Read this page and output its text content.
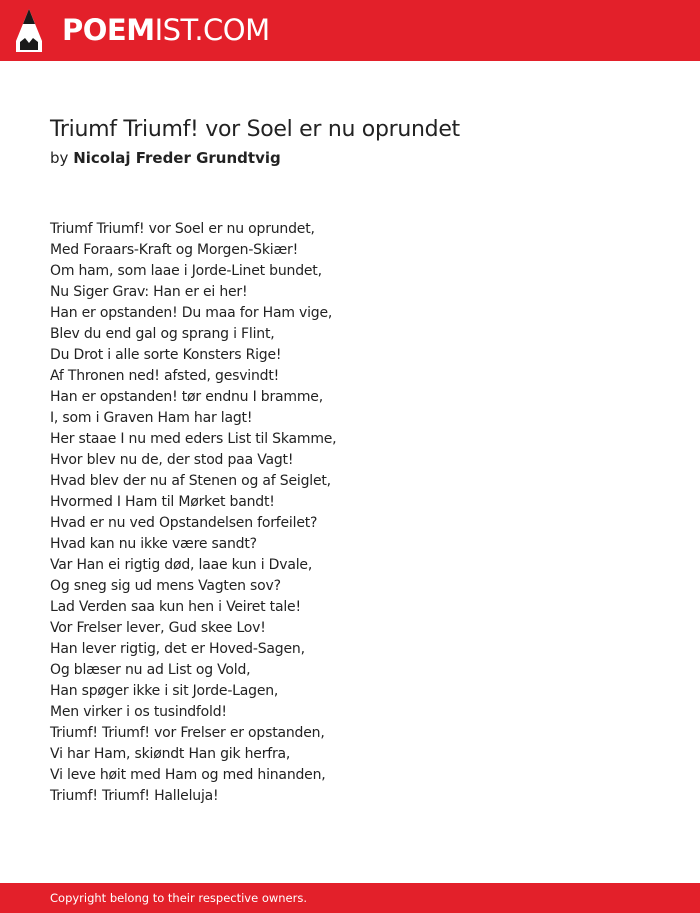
POEMIST.COM
Triumf Triumf! vor Soel er nu oprundet
by Nicolaj Freder Grundtvig
Triumf Triumf! vor Soel er nu oprundet,
Med Foraars-Kraft og Morgen-Skiær!
Om ham, som laae i Jorde-Linet bundet,
Nu Siger Grav: Han er ei her!
Han er opstanden! Du maa for Ham vige,
Blev du end gal og sprang i Flint,
Du Drot i alle sorte Konsters Rige!
Af Thronen ned! afsted, gesvindt!
Han er opstanden! tør endnu I bramme,
I, som i Graven Ham har lagt!
Her staae I nu med eders List til Skamme,
Hvor blev nu de, der stod paa Vagt!
Hvad blev der nu af Stenen og af Seiglet,
Hvormed I Ham til Mørket bandt!
Hvad er nu ved Opstandelsen forfeilet?
Hvad kan nu ikke være sandt?
Var Han ei rigtig død, laae kun i Dvale,
Og sneg sig ud mens Vagten sov?
Lad Verden saa kun hen i Veiret tale!
Vor Frelser lever, Gud skee Lov!
Han lever rigtig, det er Hoved-Sagen,
Og blæser nu ad List og Vold,
Han spøger ikke i sit Jorde-Lagen,
Men virker i os tusindfold!
Triumf! Triumf! vor Frelser er opstanden,
Vi har Ham, skiøndt Han gik herfra,
Vi leve høit med Ham og med hinanden,
Triumf! Triumf! Halleluja!
Copyright belong to their respective owners.
